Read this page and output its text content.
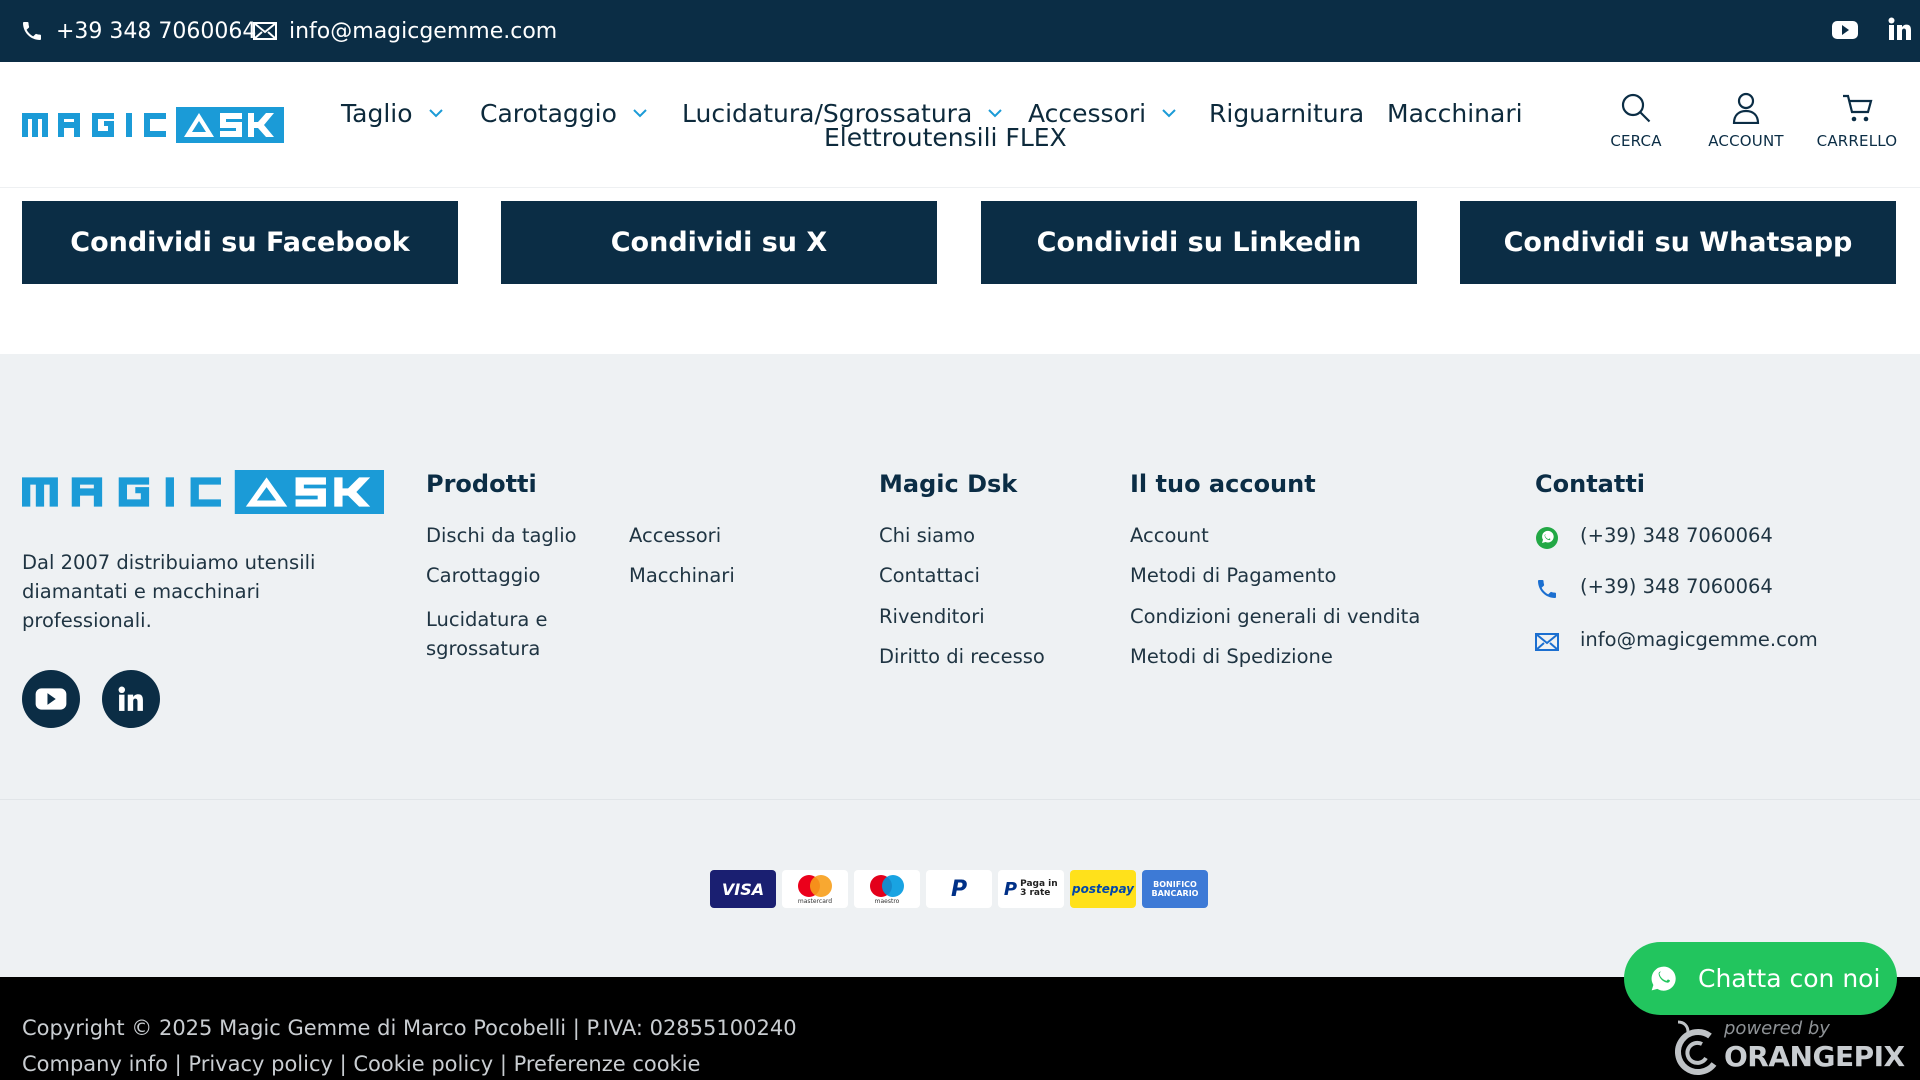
+39 348 7060064 info@magicgemme.com
Taglio	Carotaggio	Lucidatura/Sgrossatura Accessori	Riguarnitura Macchinari
Elettroutensili FLEX	CERCA	ACCOUNT	CARRELLO
Condividi su Facebook	Condividi su X	Condividi su Linkedin	Condividi su Whatsapp

Dal 2007 distribuiamo utensili diamantati e macchinari professionali.

Prodotti
Dischi da taglio
Carottaggio
Lucidatura e sgrossatura
Accessori
Macchinari
Magic Dsk
Chi siamo
Contattaci
Rivenditori
Diritto di recesso
Il tuo account
Account
Metodi di Pagamento
Condizioni generali di vendita
Metodi di Spedizione
Contatti
(+39) 348 7060064
(+39) 348 7060064
info@magicgemme.com
VISA
mastercard	maestro P P Paga in 3 rate	postepay	BONIFICO BANCARIO
Copyright © 2025 Magic Gemme di Marco Pocobelli | P.IVA: 02855100240
Company info | Privacy policy | Cookie policy | Preferenze cookie
powered by
ORANGEPIX
Chatta con noi
